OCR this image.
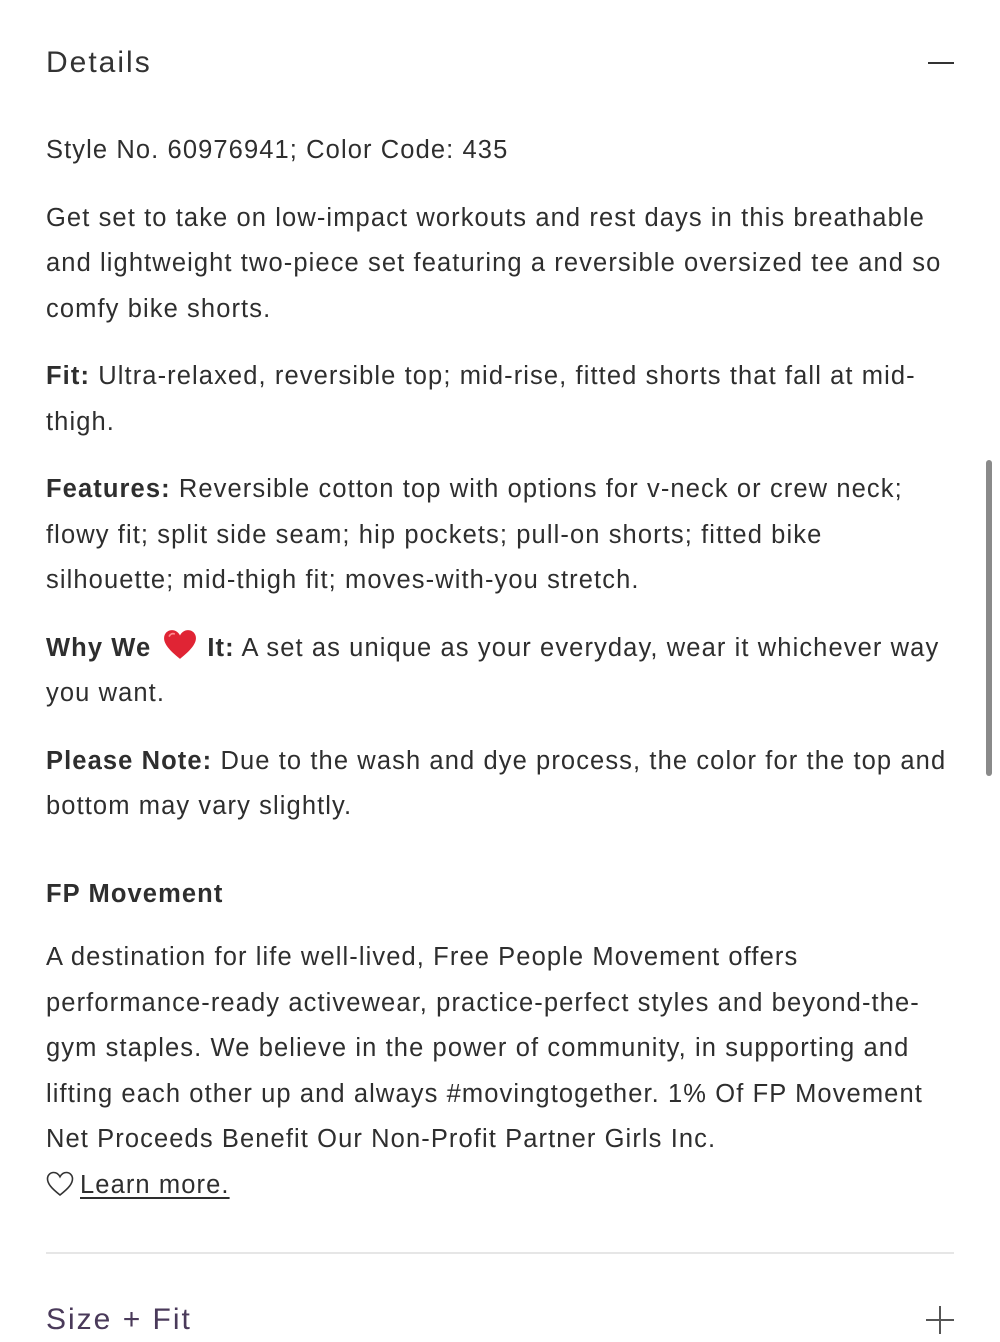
Details

Style No. 60976941; Color Code: 435

Get set to take on low-impact workouts and rest days in this breathable and lightweight two-piece set featuring a reversible oversized tee and so comfy bike shorts.

Fit: Ultra-relaxed, reversible top; mid-rise, fitted shorts that fall at mid-thigh.

Features: Reversible cotton top with options for v-neck or crew neck; flowy fit; split side seam; hip pockets; pull-on shorts; fitted bike silhouette; mid-thigh fit; moves-with-you stretch.

Why We It: A set as unique as your everyday, wear it whichever way you want.

Please Note: Due to the wash and dye process, the color for the top and bottom may vary slightly.

FP Movement

A destination for life well-lived, Free People Movement offers performance-ready activewear, practice-perfect styles and beyond-the-gym staples. We believe in the power of community, in supporting and lifting each other up and always #movingtogether. 1% Of FP Movement Net Proceeds Benefit Our Non-Profit Partner Girls Inc.
Learn more.

Size + Fit
